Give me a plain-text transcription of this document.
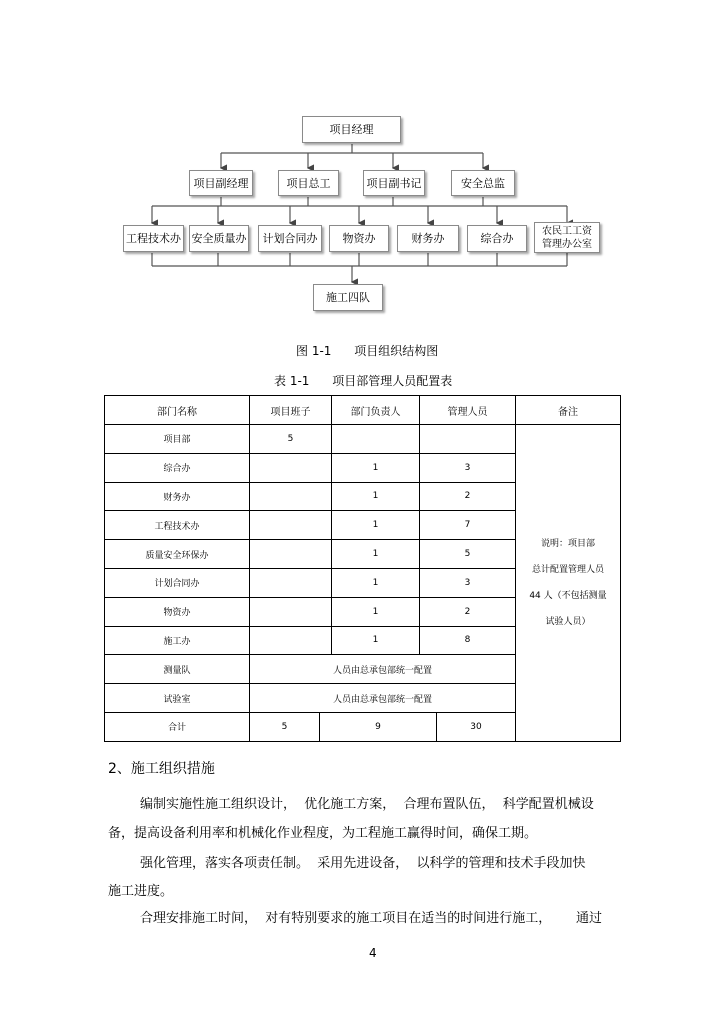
项目经理
项目副经理	项目总工	项目副书记	安全总监
工程技术办 安全质量办	计划合同办	物资办	财务办	综合办
农民工工资管理办公室
施工四队
图 1-1      项目组织结构图
表 1-1      项目部管理人员配置表
部门名称	项目班子	部门负责人	管理人员	备注
项目部	5			说明：项目部
总计配置管理人员
44 人（不包括测量
试验人员）

综合办		1	3	
财务办		1	2	
工程技术办		1	7	
质量安全环保办		1	5	
计划合同办		1	3	
物资办		1	2	
施工办		1	8	
测量队	人员由总承包部统一配置			
试验室	人员由总承包部统一配置			
合计	5 9 30			
2、施工组织措施
编制实施性施工组织设计，  优化施工方案，  合理布置队伍，  科学配置机械设
备，提高设备利用率和机械化作业程度，为工程施工赢得时间，确保工期。
强化管理，落实各项责任制。  采用先进设备，  以科学的管理和技术手段加快
施工进度。
合理安排施工时间，  对有特别要求的施工项目在适当的时间进行施工，      通过
4
